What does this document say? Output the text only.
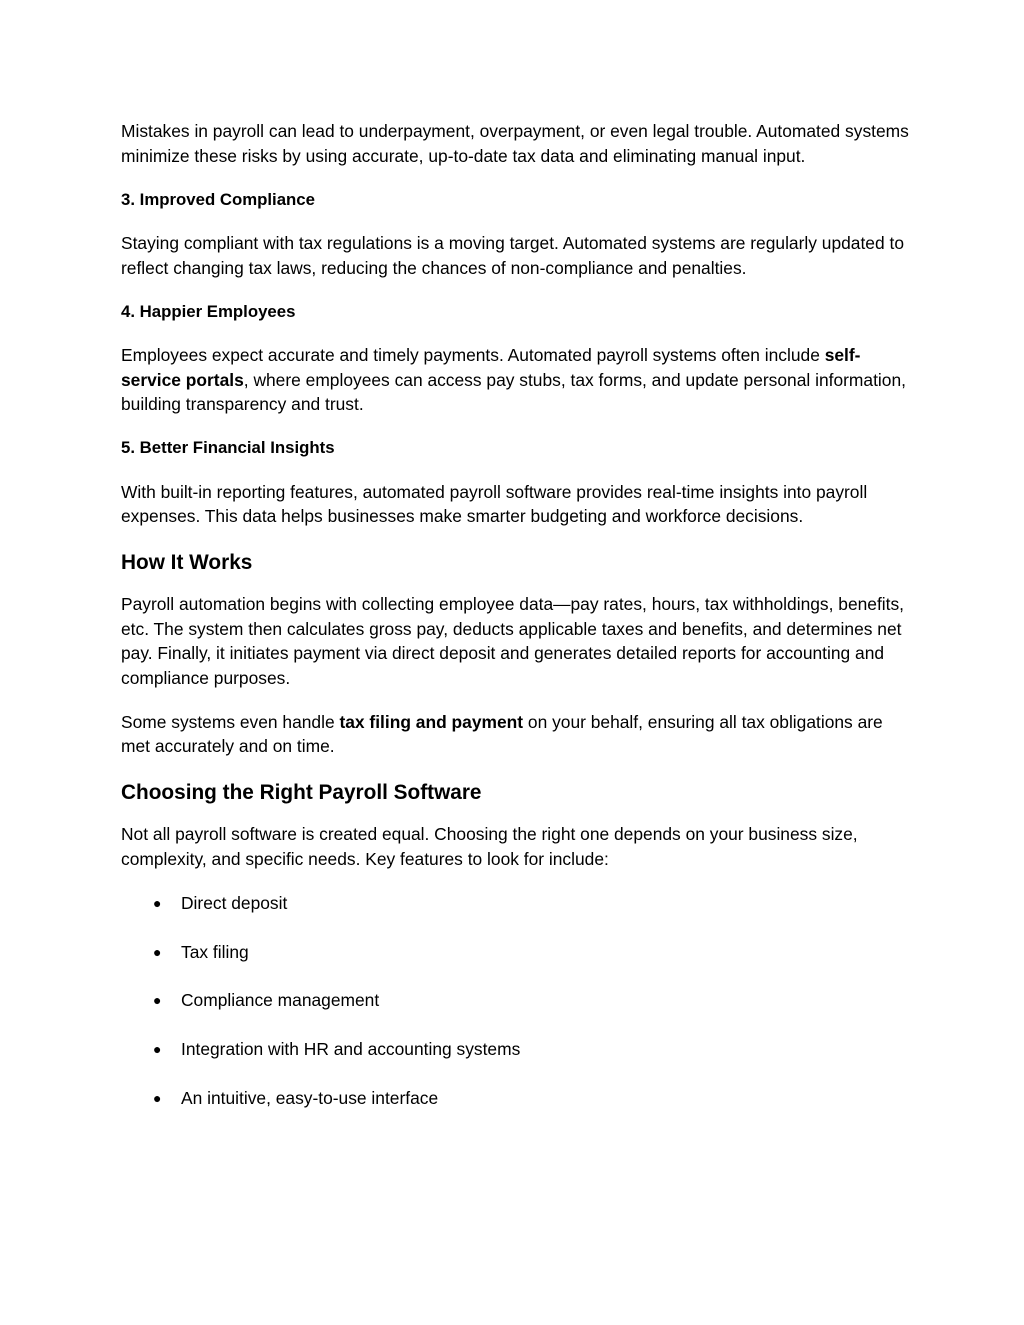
Mistakes in payroll can lead to underpayment, overpayment, or even legal trouble. Automated systems minimize these risks by using accurate, up-to-date tax data and eliminating manual input.

3. Improved Compliance

Staying compliant with tax regulations is a moving target. Automated systems are regularly updated to reflect changing tax laws, reducing the chances of non-compliance and penalties.

4. Happier Employees

Employees expect accurate and timely payments. Automated payroll systems often include self-service portals, where employees can access pay stubs, tax forms, and update personal information, building transparency and trust.

5. Better Financial Insights

With built-in reporting features, automated payroll software provides real-time insights into payroll expenses. This data helps businesses make smarter budgeting and workforce decisions.

How It Works

Payroll automation begins with collecting employee data—pay rates, hours, tax withholdings, benefits, etc. The system then calculates gross pay, deducts applicable taxes and benefits, and determines net pay. Finally, it initiates payment via direct deposit and generates detailed reports for accounting and compliance purposes.

Some systems even handle tax filing and payment on your behalf, ensuring all tax obligations are met accurately and on time.

Choosing the Right Payroll Software

Not all payroll software is created equal. Choosing the right one depends on your business size, complexity, and specific needs. Key features to look for include:

● Direct deposit
● Tax filing
● Compliance management
● Integration with HR and accounting systems
● An intuitive, easy-to-use interface
